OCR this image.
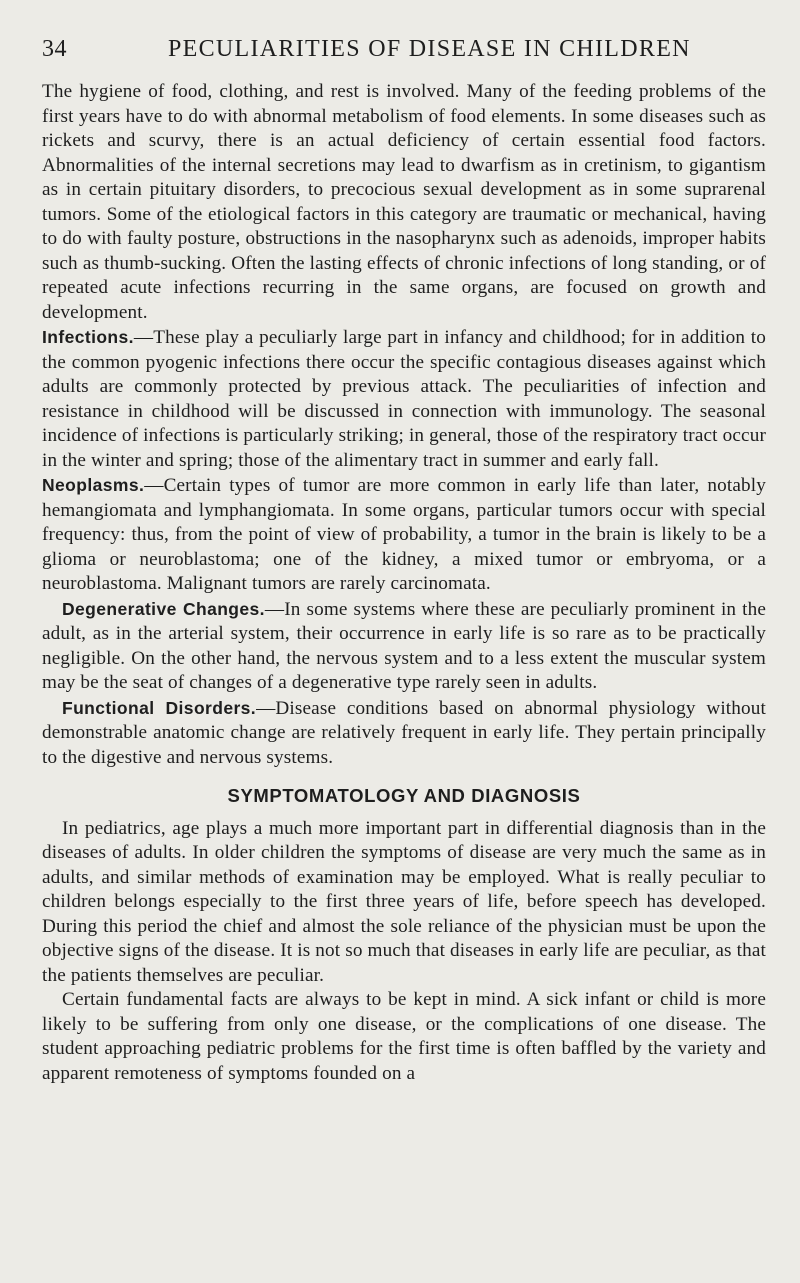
34	PECULIARITIES OF DISEASE IN CHILDREN

The hygiene of food, clothing, and rest is involved. Many of the feeding problems of the first years have to do with abnormal metabolism of food elements. In some diseases such as rickets and scurvy, there is an actual deficiency of certain essential food factors. Abnormalities of the internal secretions may lead to dwarfism as in cretinism, to gigantism as in certain pituitary disorders, to precocious sexual development as in some suprarenal tumors. Some of the etiological factors in this category are traumatic or mechanical, having to do with faulty posture, obstructions in the nasopharynx such as adenoids, improper habits such as thumb-sucking. Often the lasting effects of chronic infections of long standing, or of repeated acute infections recurring in the same organs, are focused on growth and development.

Infections.—These play a peculiarly large part in infancy and childhood; for in addition to the common pyogenic infections there occur the specific contagious diseases against which adults are commonly protected by previous attack. The peculiarities of infection and resistance in childhood will be discussed in connection with immunology. The seasonal incidence of infections is particularly striking; in general, those of the respiratory tract occur in the winter and spring; those of the alimentary tract in summer and early fall.

Neoplasms.—Certain types of tumor are more common in early life than later, notably hemangiomata and lymphangiomata. In some organs, particular tumors occur with special frequency: thus, from the point of view of probability, a tumor in the brain is likely to be a glioma or neuroblastoma; one of the kidney, a mixed tumor or embryoma, or a neuroblastoma. Malignant tumors are rarely carcinomata.

Degenerative Changes.—In some systems where these are peculiarly prominent in the adult, as in the arterial system, their occurrence in early life is so rare as to be practically negligible. On the other hand, the nervous system and to a less extent the muscular system may be the seat of changes of a degenerative type rarely seen in adults.

Functional Disorders.—Disease conditions based on abnormal physiology without demonstrable anatomic change are relatively frequent in early life. They pertain principally to the digestive and nervous systems.

SYMPTOMATOLOGY AND DIAGNOSIS

In pediatrics, age plays a much more important part in differential diagnosis than in the diseases of adults. In older children the symptoms of disease are very much the same as in adults, and similar methods of examination may be employed. What is really peculiar to children belongs especially to the first three years of life, before speech has developed. During this period the chief and almost the sole reliance of the physician must be upon the objective signs of the disease. It is not so much that diseases in early life are peculiar, as that the patients themselves are peculiar.

Certain fundamental facts are always to be kept in mind. A sick infant or child is more likely to be suffering from only one disease, or the complications of one disease. The student approaching pediatric problems for the first time is often baffled by the variety and apparent remoteness of symptoms founded on a
